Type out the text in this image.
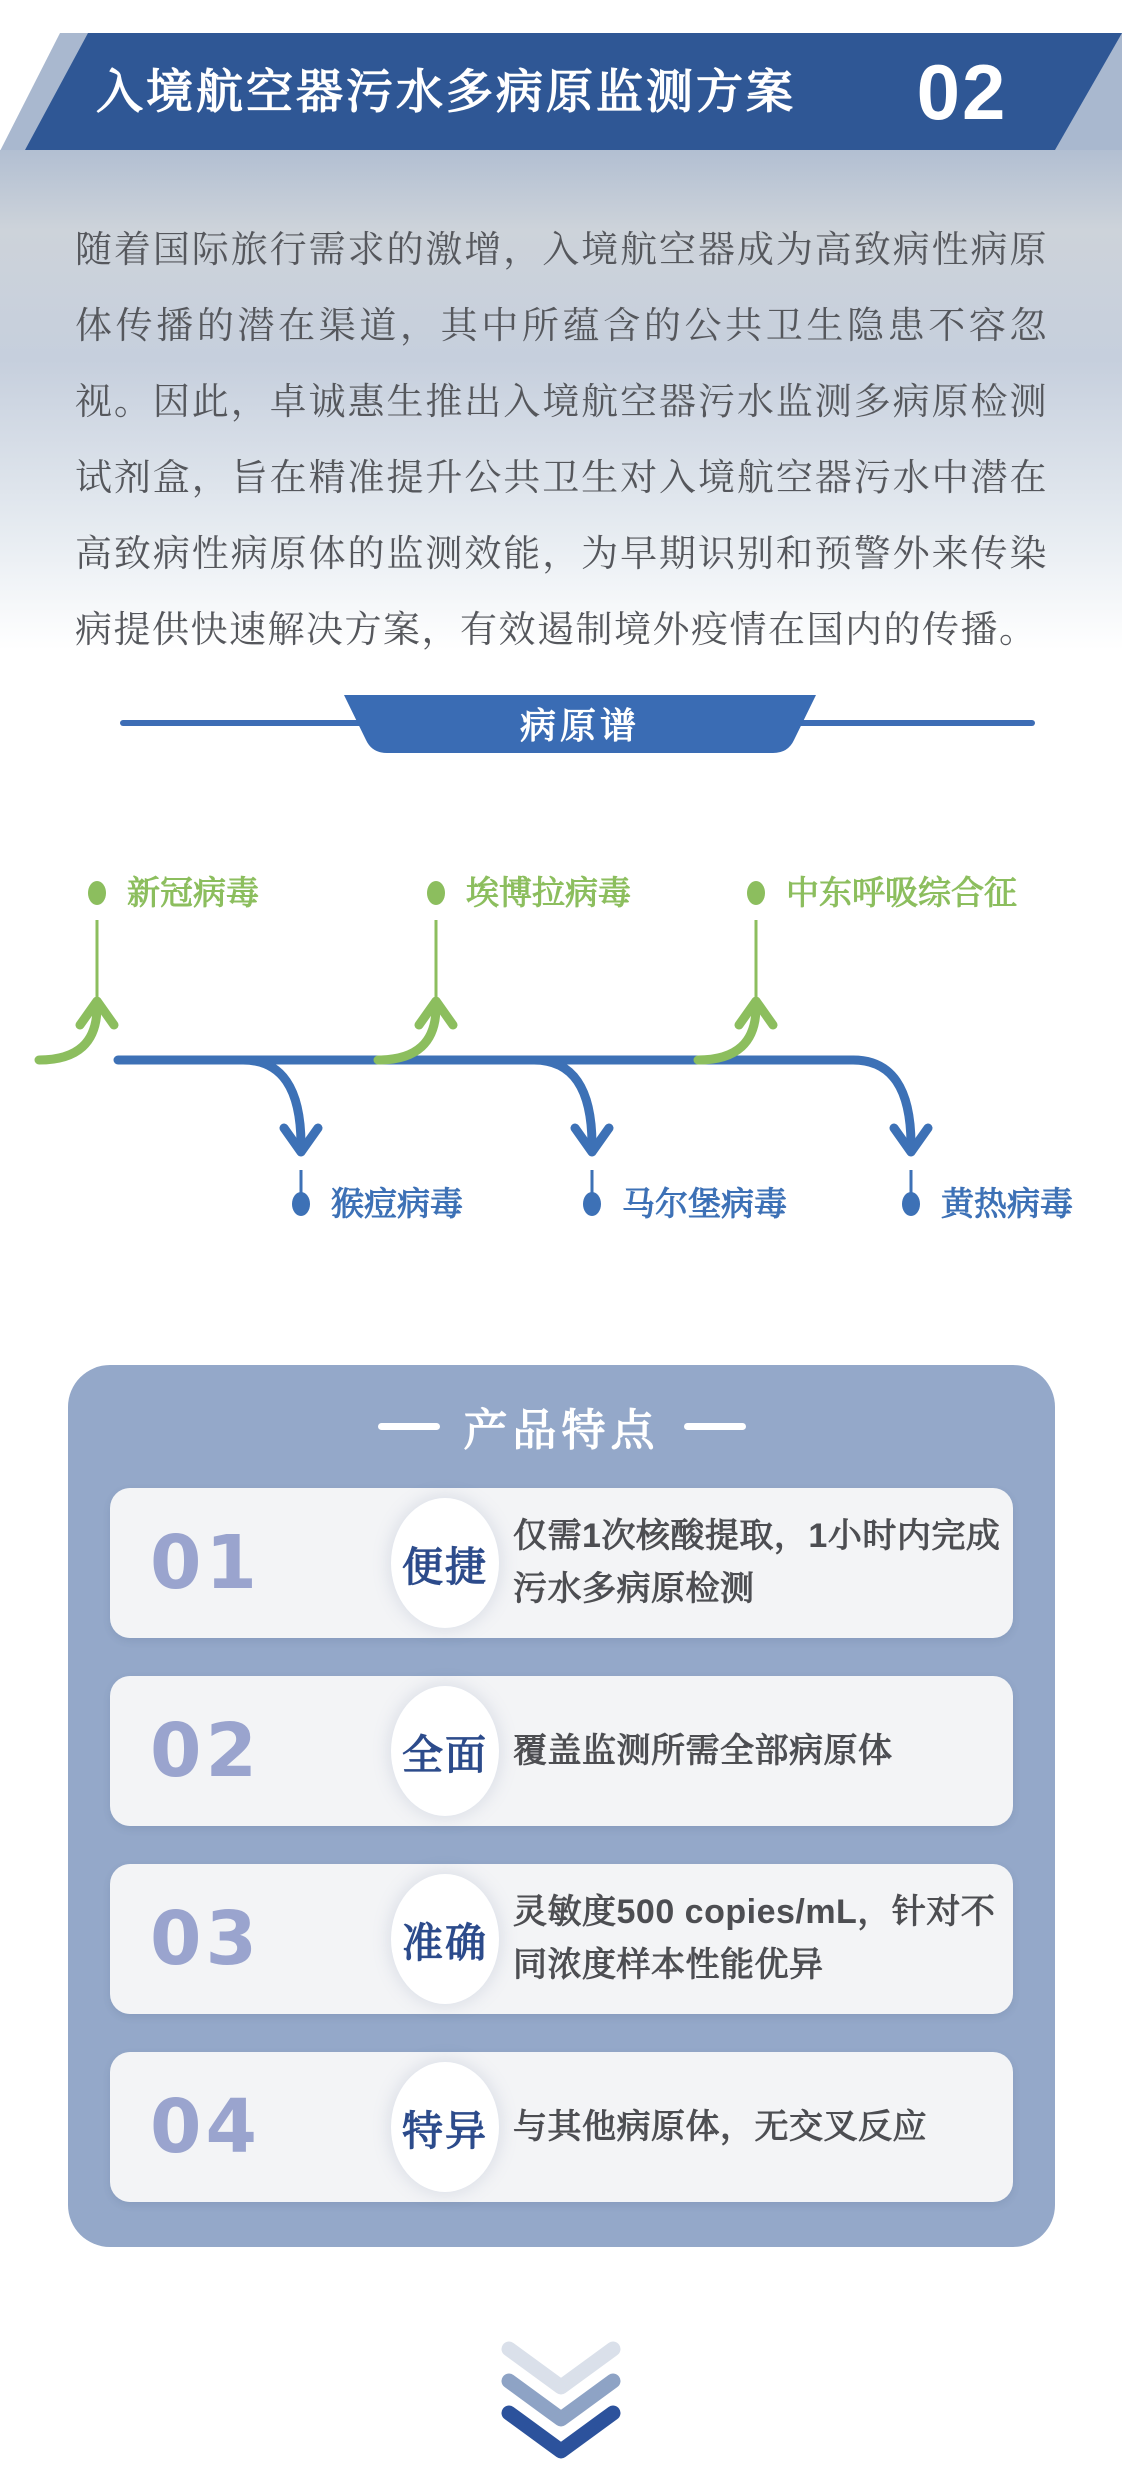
入境航空器污水多病原监测方案 02
随着国际旅行需求的激增，入境航空器成为高致病性病原体传播的潜在渠道，其中所蕴含的公共卫生隐患不容忽视。因此，卓诚惠生推出入境航空器污水监测多病原检测试剂盒，旨在精准提升公共卫生对入境航空器污水中潜在高致病性病原体的监测效能，为早期识别和预警外来传染病提供快速解决方案，有效遏制境外疫情在国内的传播。
病原谱
新冠病毒	埃博拉病毒	中东呼吸综合征
猴痘病毒	马尔堡病毒	黄热病毒
产品特点
01	便捷
仅需1次核酸提取，1小时内完成污水多病原检测
02	全面 覆盖监测所需全部病原体
03	准确
灵敏度500 copies/mL，针对不同浓度样本性能优异
04	特异 与其他病原体，无交叉反应
